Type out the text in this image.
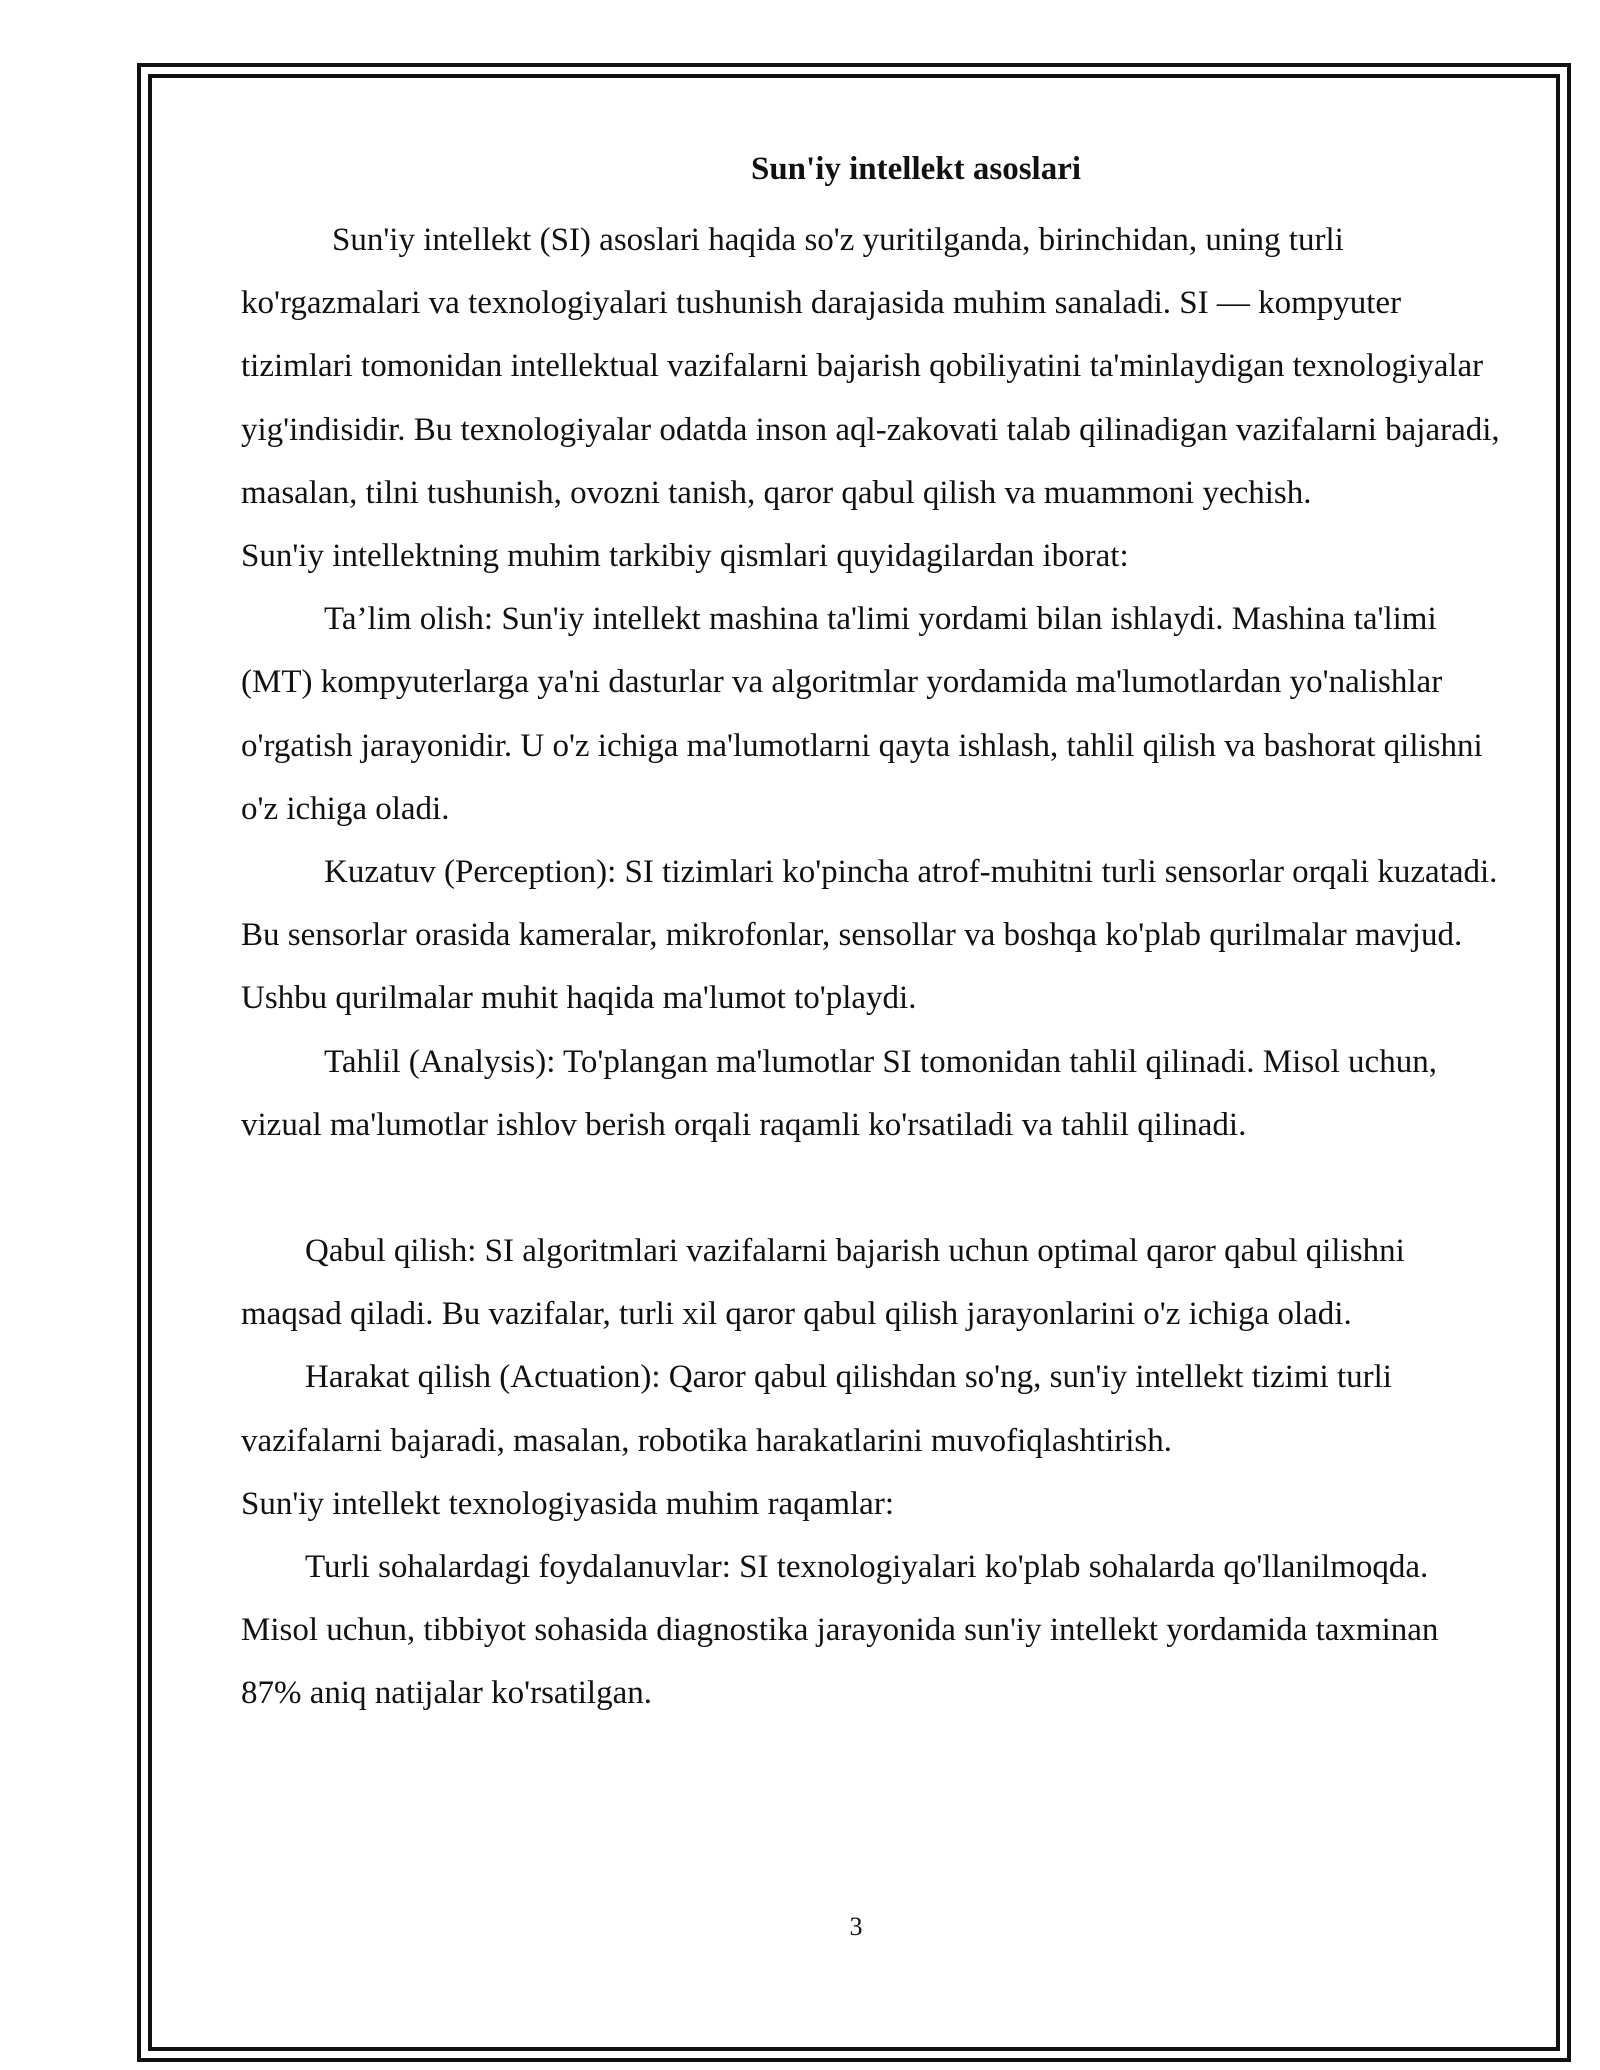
Sun'iy intellekt asoslari

Sun'iy intellekt (SI) asoslari haqida so'z yuritilganda, birinchidan, uning turli ko'rgazmalari va texnologiyalari tushunish darajasida muhim sanaladi. SI — kompyuter tizimlari tomonidan intellektual vazifalarni bajarish qobiliyatini ta'minlaydigan texnologiyalar yig'indisidir. Bu texnologiyalar odatda inson aql-zakovati talab qilinadigan vazifalarni bajaradi, masalan, tilni tushunish, ovozni tanish, qaror qabul qilish va muammoni yechish.

Sun'iy intellektning muhim tarkibiy qismlari quyidagilardan iborat:

Ta’lim olish: Sun'iy intellekt mashina ta'limi yordami bilan ishlaydi. Mashina ta'limi (MT) kompyuterlarga ya'ni dasturlar va algoritmlar yordamida ma'lumotlardan yo'nalishlar o'rgatish jarayonidir. U o'z ichiga ma'lumotlarni qayta ishlash, tahlil qilish va bashorat qilishni o'z ichiga oladi.

Kuzatuv (Perception): SI tizimlari ko'pincha atrof-muhitni turli sensorlar orqali kuzatadi. Bu sensorlar orasida kameralar, mikrofonlar, sensollar va boshqa ko'plab qurilmalar mavjud. Ushbu qurilmalar muhit haqida ma'lumot to'playdi.

Tahlil (Analysis): To'plangan ma'lumotlar SI tomonidan tahlil qilinadi. Misol uchun, vizual ma'lumotlar ishlov berish orqali raqamli ko'rsatiladi va tahlil qilinadi.

Qabul qilish: SI algoritmlari vazifalarni bajarish uchun optimal qaror qabul qilishni maqsad qiladi. Bu vazifalar, turli xil qaror qabul qilish jarayonlarini o'z ichiga oladi.

Harakat qilish (Actuation): Qaror qabul qilishdan so'ng, sun'iy intellekt tizimi turli vazifalarni bajaradi, masalan, robotika harakatlarini muvofiqlashtirish.

Sun'iy intellekt texnologiyasida muhim raqamlar:

Turli sohalardagi foydalanuvlar: SI texnologiyalari ko'plab sohalarda qo'llanilmoqda. Misol uchun, tibbiyot sohasida diagnostika jarayonida sun'iy intellekt yordamida taxminan 87% aniq natijalar ko'rsatilgan.

3
